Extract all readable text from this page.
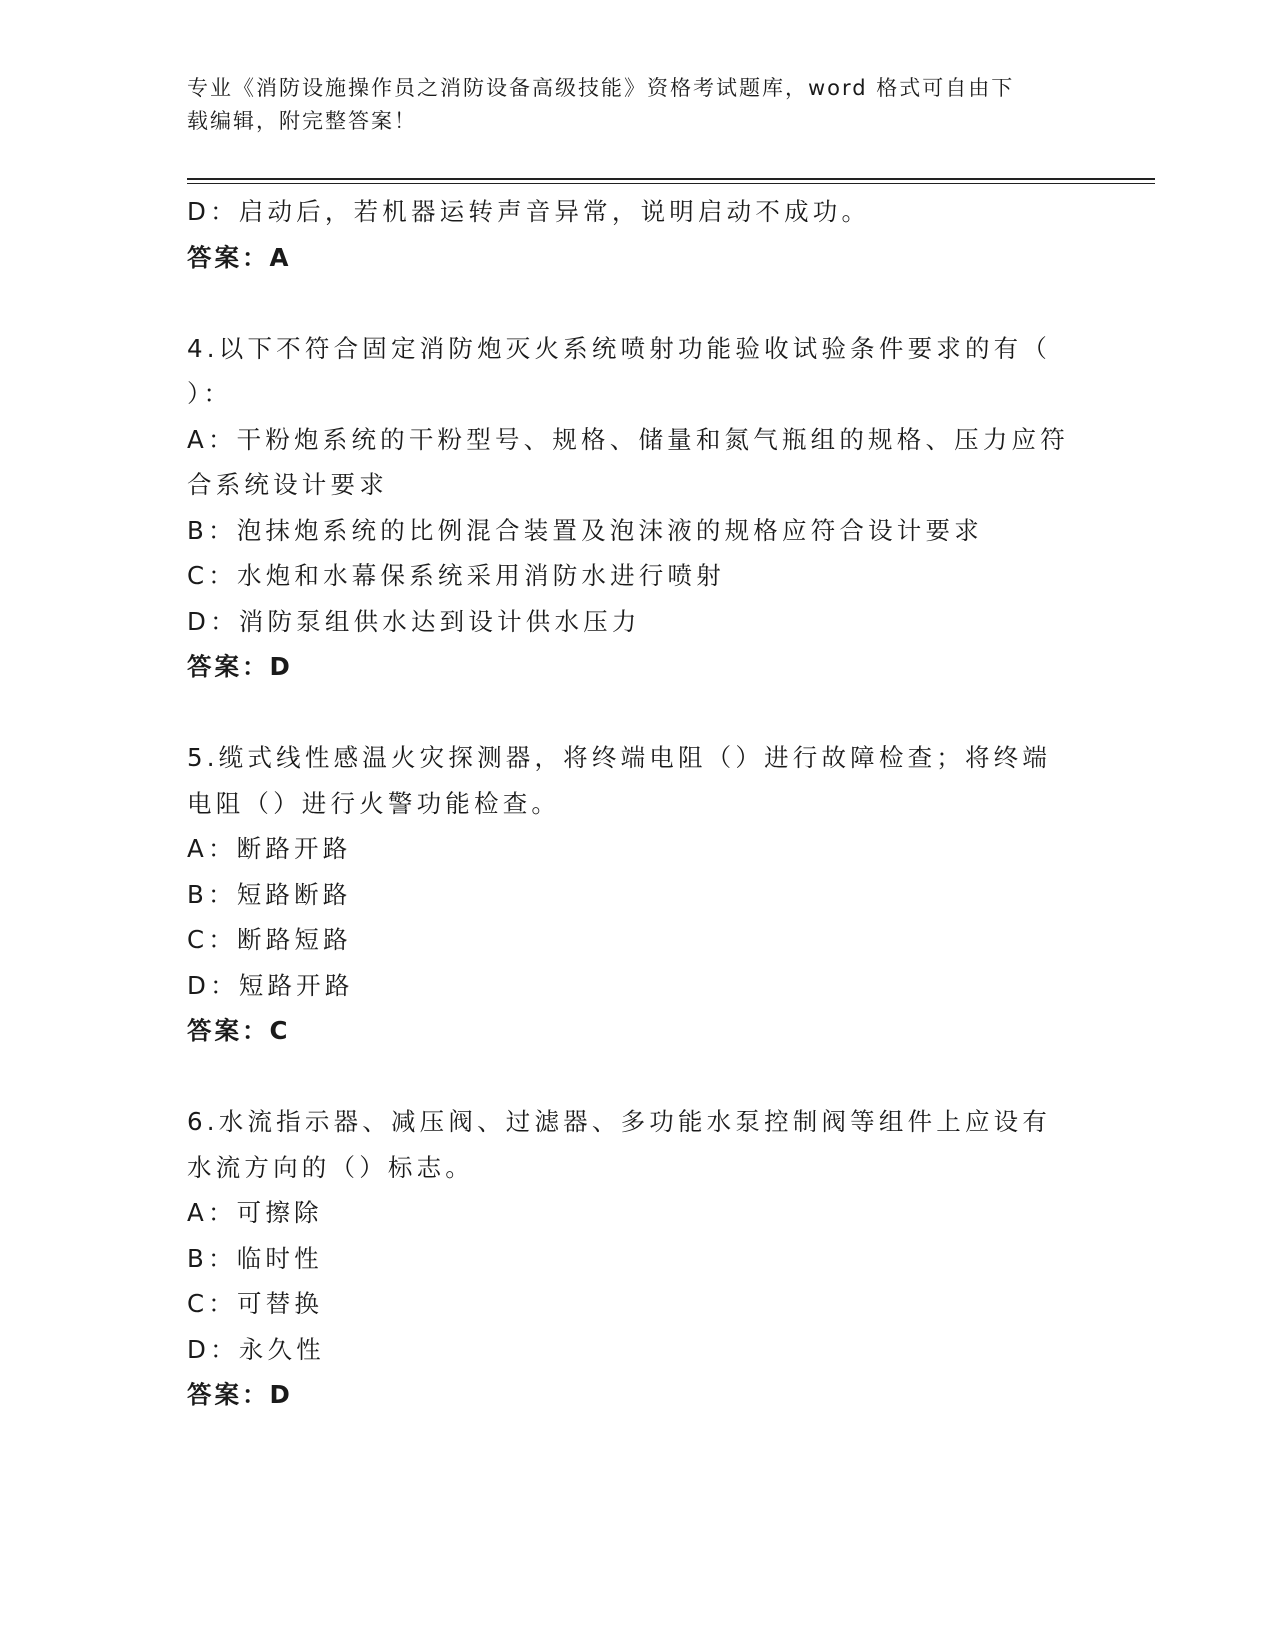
专业《消防设施操作员之消防设备高级技能》资格考试题库，word 格式可自由下
载编辑，附完整答案！
D：启动后，若机器运转声音异常，说明启动不成功。
答案：A
4.以下不符合固定消防炮灭火系统喷射功能验收试验条件要求的有（
）：
A：干粉炮系统的干粉型号、规格、储量和氮气瓶组的规格、压力应符
合系统设计要求
B：泡抹炮系统的比例混合装置及泡沫液的规格应符合设计要求
C：水炮和水幕保系统采用消防水进行喷射
D：消防泵组供水达到设计供水压力
答案：D
5.缆式线性感温火灾探测器，将终端电阻（）进行故障检查；将终端
电阻（）进行火警功能检查。
A：断路开路
B：短路断路
C：断路短路
D：短路开路
答案：C
6.水流指示器、减压阀、过滤器、多功能水泵控制阀等组件上应设有
水流方向的（）标志。
A：可擦除
B：临时性
C：可替换
D：永久性
答案：D
